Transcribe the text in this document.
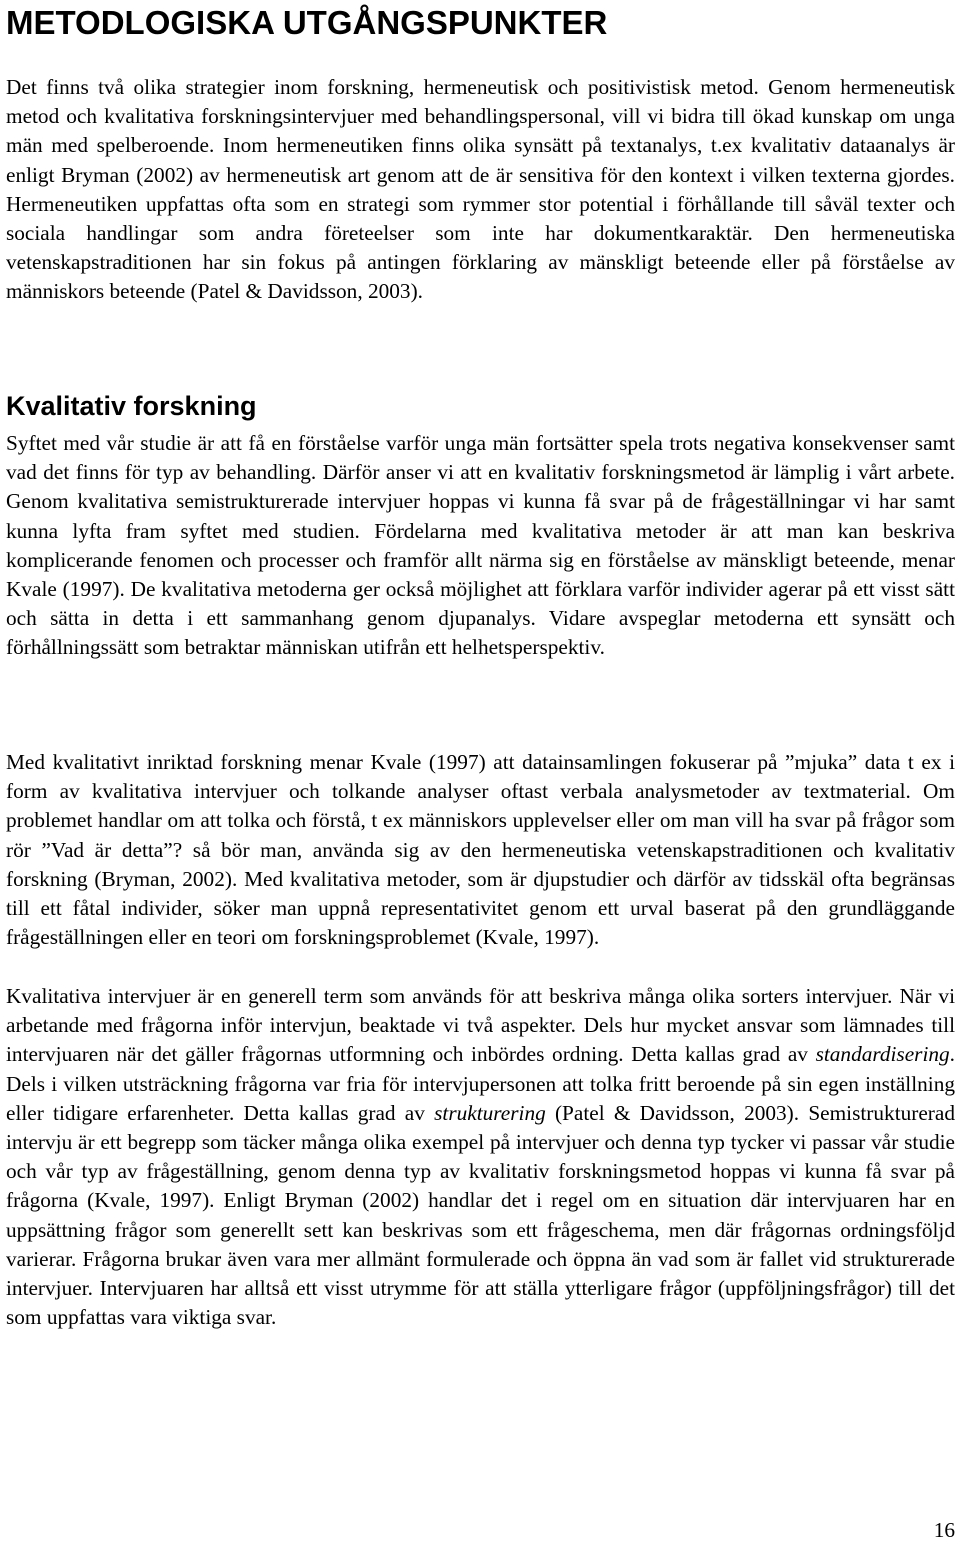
METODLOGISKA UTGÅNGSPUNKTER

Det finns två olika strategier inom forskning, hermeneutisk och positivistisk metod. Genom hermeneutisk metod och kvalitativa forskningsintervjuer med behandlingspersonal, vill vi bidra till ökad kunskap om unga män med spelberoende. Inom hermeneutiken finns olika synsätt på textanalys, t.ex kvalitativ dataanalys är enligt Bryman (2002) av hermeneutisk art genom att de är sensitiva för den kontext i vilken texterna gjordes. Hermeneutiken uppfattas ofta som en strategi som rymmer stor potential i förhållande till såväl texter och sociala handlingar som andra företeelser som inte har dokumentkaraktär. Den hermeneutiska vetenskapstraditionen har sin fokus på antingen förklaring av mänskligt beteende eller på förståelse av människors beteende (Patel & Davidsson, 2003).

Kvalitativ forskning

Syftet med vår studie är att få en förståelse varför unga män fortsätter spela trots negativa konsekvenser samt vad det finns för typ av behandling. Därför anser vi att en kvalitativ forskningsmetod är lämplig i vårt arbete. Genom kvalitativa semistrukturerade intervjuer hoppas vi kunna få svar på de frågeställningar vi har samt kunna lyfta fram syftet med studien. Fördelarna med kvalitativa metoder är att man kan beskriva komplicerande fenomen och processer och framför allt närma sig en förståelse av mänskligt beteende, menar Kvale (1997). De kvalitativa metoderna ger också möjlighet att förklara varför individer agerar på ett visst sätt och sätta in detta i ett sammanhang genom djupanalys. Vidare avspeglar metoderna ett synsätt och förhållningssätt som betraktar människan utifrån ett helhetsperspektiv.

Med kvalitativt inriktad forskning menar Kvale (1997) att datainsamlingen fokuserar på ”mjuka” data t ex i form av kvalitativa intervjuer och tolkande analyser oftast verbala analysmetoder av textmaterial. Om problemet handlar om att tolka och förstå, t ex människors upplevelser eller om man vill ha svar på frågor som rör ”Vad är detta”? så bör man, använda sig av den hermeneutiska vetenskapstraditionen och kvalitativ forskning (Bryman, 2002). Med kvalitativa metoder, som är djupstudier och därför av tidsskäl ofta begränsas till ett fåtal individer, söker man uppnå representativitet genom ett urval baserat på den grundläggande frågeställningen eller en teori om forskningsproblemet (Kvale, 1997).

Kvalitativa intervjuer är en generell term som används för att beskriva många olika sorters intervjuer. När vi arbetande med frågorna inför intervjun, beaktade vi två aspekter. Dels hur mycket ansvar som lämnades till intervjuaren när det gäller frågornas utformning och inbördes ordning. Detta kallas grad av standardisering. Dels i vilken utsträckning frågorna var fria för intervjupersonen att tolka fritt beroende på sin egen inställning eller tidigare erfarenheter. Detta kallas grad av strukturering (Patel & Davidsson, 2003). Semistrukturerad intervju är ett begrepp som täcker många olika exempel på intervjuer och denna typ tycker vi passar vår studie och vår typ av frågeställning, genom denna typ av kvalitativ forskningsmetod hoppas vi kunna få svar på frågorna (Kvale, 1997). Enligt Bryman (2002) handlar det i regel om en situation där intervjuaren har en uppsättning frågor som generellt sett kan beskrivas som ett frågeschema, men där frågornas ordningsföljd varierar. Frågorna brukar även vara mer allmänt formulerade och öppna än vad som är fallet vid strukturerade intervjuer. Intervjuaren har alltså ett visst utrymme för att ställa ytterligare frågor (uppföljningsfrågor) till det som uppfattas vara viktiga svar.

16
